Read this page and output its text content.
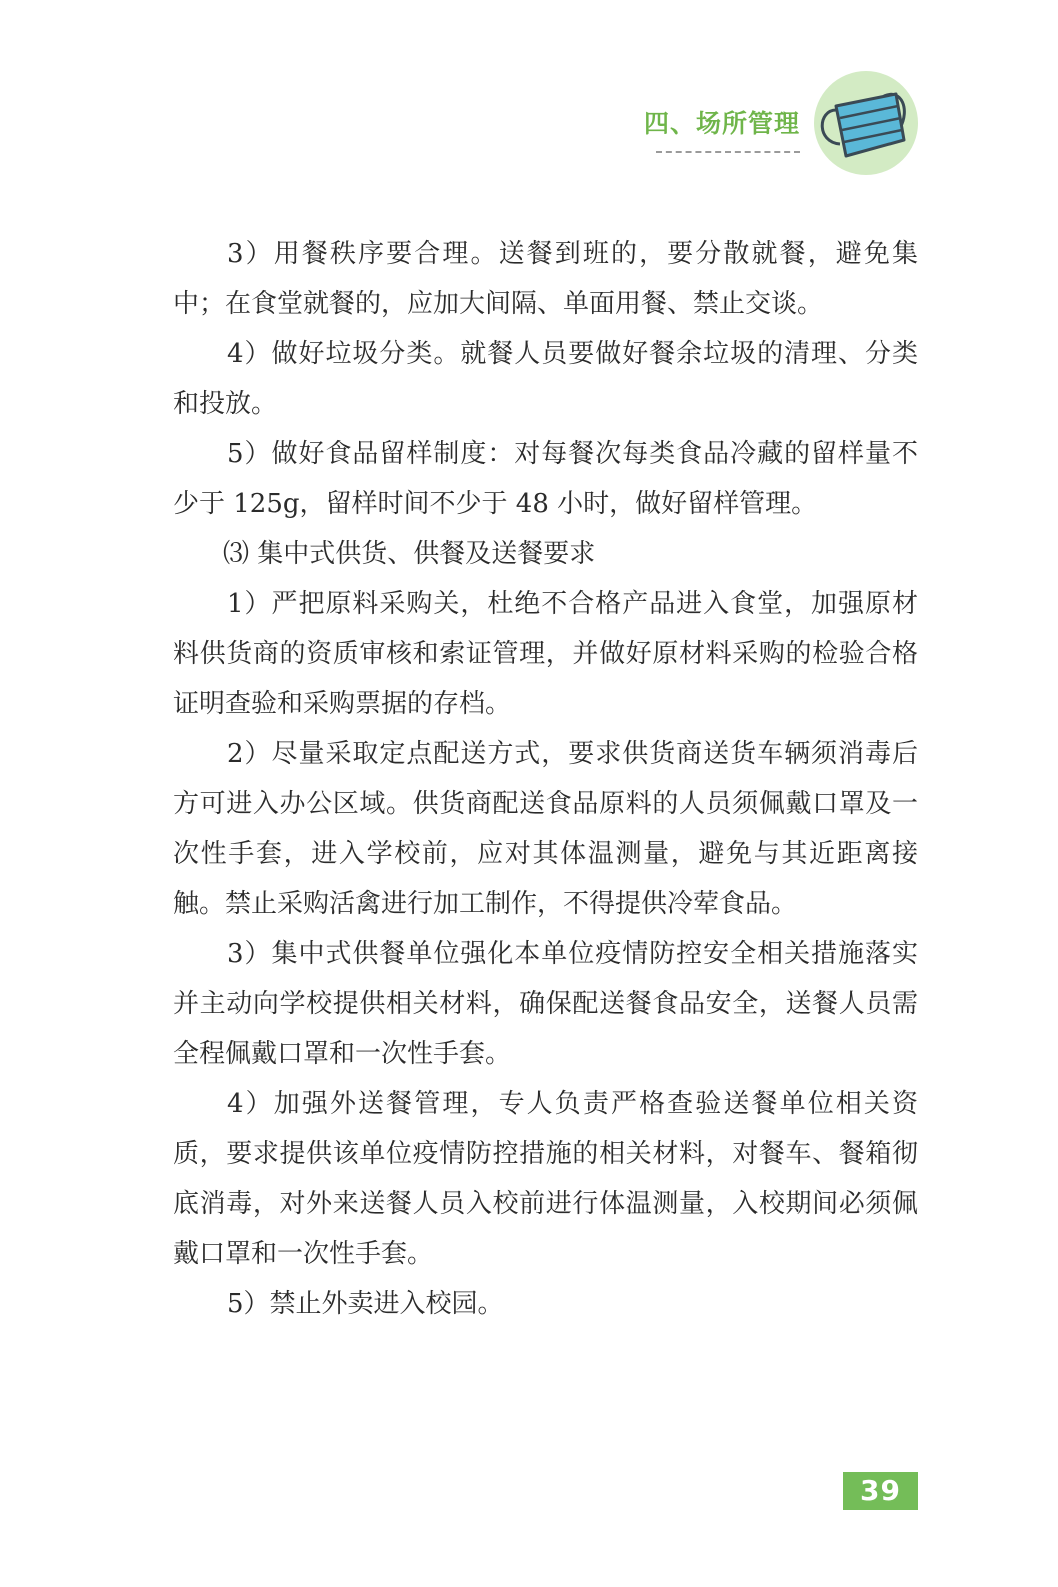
四、场所管理

3）用餐秩序要合理。送餐到班的，要分散就餐，避免集中；在食堂就餐的，应加大间隔、单面用餐、禁止交谈。

4）做好垃圾分类。就餐人员要做好餐余垃圾的清理、分类和投放。

5）做好食品留样制度：对每餐次每类食品冷藏的留样量不少于 125g，留样时间不少于 48 小时，做好留样管理。

⑶ 集中式供货、供餐及送餐要求

1）严把原料采购关，杜绝不合格产品进入食堂，加强原材料供货商的资质审核和索证管理，并做好原材料采购的检验合格证明查验和采购票据的存档。

2）尽量采取定点配送方式，要求供货商送货车辆须消毒后方可进入办公区域。供货商配送食品原料的人员须佩戴口罩及一次性手套，进入学校前，应对其体温测量，避免与其近距离接触。禁止采购活禽进行加工制作，不得提供冷荤食品。

3）集中式供餐单位强化本单位疫情防控安全相关措施落实并主动向学校提供相关材料，确保配送餐食品安全，送餐人员需全程佩戴口罩和一次性手套。

4）加强外送餐管理，专人负责严格查验送餐单位相关资质，要求提供该单位疫情防控措施的相关材料，对餐车、餐箱彻底消毒，对外来送餐人员入校前进行体温测量，入校期间必须佩戴口罩和一次性手套。

5）禁止外卖进入校园。

39
